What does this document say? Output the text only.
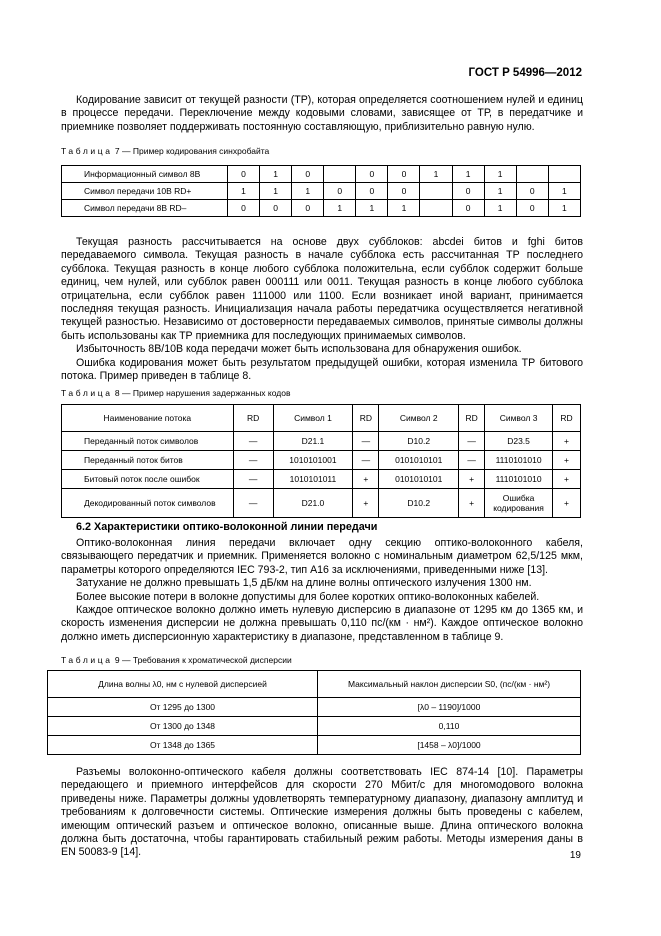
ГОСТ Р 54996—2012

Кодирование зависит от текущей разности (ТР), которая определяется соотношением нулей и единиц в процессе передачи. Переключение между кодовыми словами, зависящее от ТР, в передатчике и приемнике позволяет поддерживать постоянную составляющую, приблизительно равную нулю.

Таблица 7 — Пример кодирования синхробайта
Информационный символ 8В	0	1	0		0	0	1	1	1		
Символ передачи 10В RD+	1	1	1	0	0	0		0	1	0	1
Символ передачи 8В RD–	0	0	0	1	1	1		0	1	0	1

Текущая разность рассчитывается на основе двух субблоков: abcdei битов и fghi битов передаваемого символа. Текущая разность в начале субблока есть рассчитанная ТР последнего субблока. Текущая разность в конце любого субблока положительна, если субблок содержит больше единиц, чем нулей, или субблок равен 000111 или 0011. Текущая разность в конце любого субблока отрицательна, если субблок равен 111000 или 1100. Если возникает иной вариант, принимается последняя текущая разность. Инициализация начала работы передатчика осуществляется негативной текущей разностью. Независимо от достоверности передаваемых символов, принятые символы должны быть использованы как ТР приемника для последующих принимаемых символов.

Избыточность 8В/10В кода передачи может быть использована для обнаружения ошибок.

Ошибка кодирования может быть результатом предыдущей ошибки, которая изменила ТР битового потока. Пример приведен в таблице 8.

Таблица 8 — Пример нарушения задержанных кодов
Наименование потока	RD	Символ 1	RD	Символ 2	RD	Символ 3	RD
Переданный поток символов	—	D21.1	—	D10.2	—	D23.5	+
Переданный поток битов	—	1010101001	—	0101010101	—	1110101010	+
Битовый поток после ошибок	—	1010101011	+	0101010101	+	1110101010	+
Декодированный поток символов	—	D21.0	+	D10.2	+	Ошибка кодирования	+
6.2 Характеристики оптико-волоконной линии передачи

Оптико-волоконная линия передачи включает одну секцию оптико-волоконного кабеля, связывающего передатчик и приемник. Применяется волокно с номинальным диаметром 62,5/125 мкм, параметры которого определяются IEC 793-2, тип А16 за исключениями, приведенными ниже [13].

Затухание не должно превышать 1,5 дБ/км на длине волны оптического излучения 1300 нм.

Более высокие потери в волокне допустимы для более коротких оптико-волоконных кабелей.

Каждое оптическое волокно должно иметь нулевую дисперсию в диапазоне от 1295 км до 1365 км, и скорость изменения дисперсии не должна превышать 0,110 пс/(км · нм²). Каждое оптическое волокно должно иметь дисперсионную характеристику в диапазоне, представленном в таблице 9.

Таблица 9 — Требования к хроматической дисперсии
Длина волны λ0, нм с нулевой дисперсией	Максимальный наклон дисперсии S0, (пс/(км · нм²)
От 1295 до 1300	[λ0 – 1190]/1000
От 1300 до 1348	0,110
От 1348 до 1365	[1458 – λ0]/1000

Разъемы волоконно-оптического кабеля должны соответствовать IEC 874-14 [10]. Параметры передающего и приемного интерфейсов для скорости 270 Мбит/с для многомодового волокна приведены ниже. Параметры должны удовлетворять температурному диапазону, диапазону амплитуд и требованиям к долговечности системы. Оптические измерения должны быть проведены с кабелем, имеющим оптический разъем и оптическое волокно, описанные выше. Длина оптического волокна должна быть достаточна, чтобы гарантировать стабильный режим работы. Методы измерения даны в EN 50083-9 [14].	19
